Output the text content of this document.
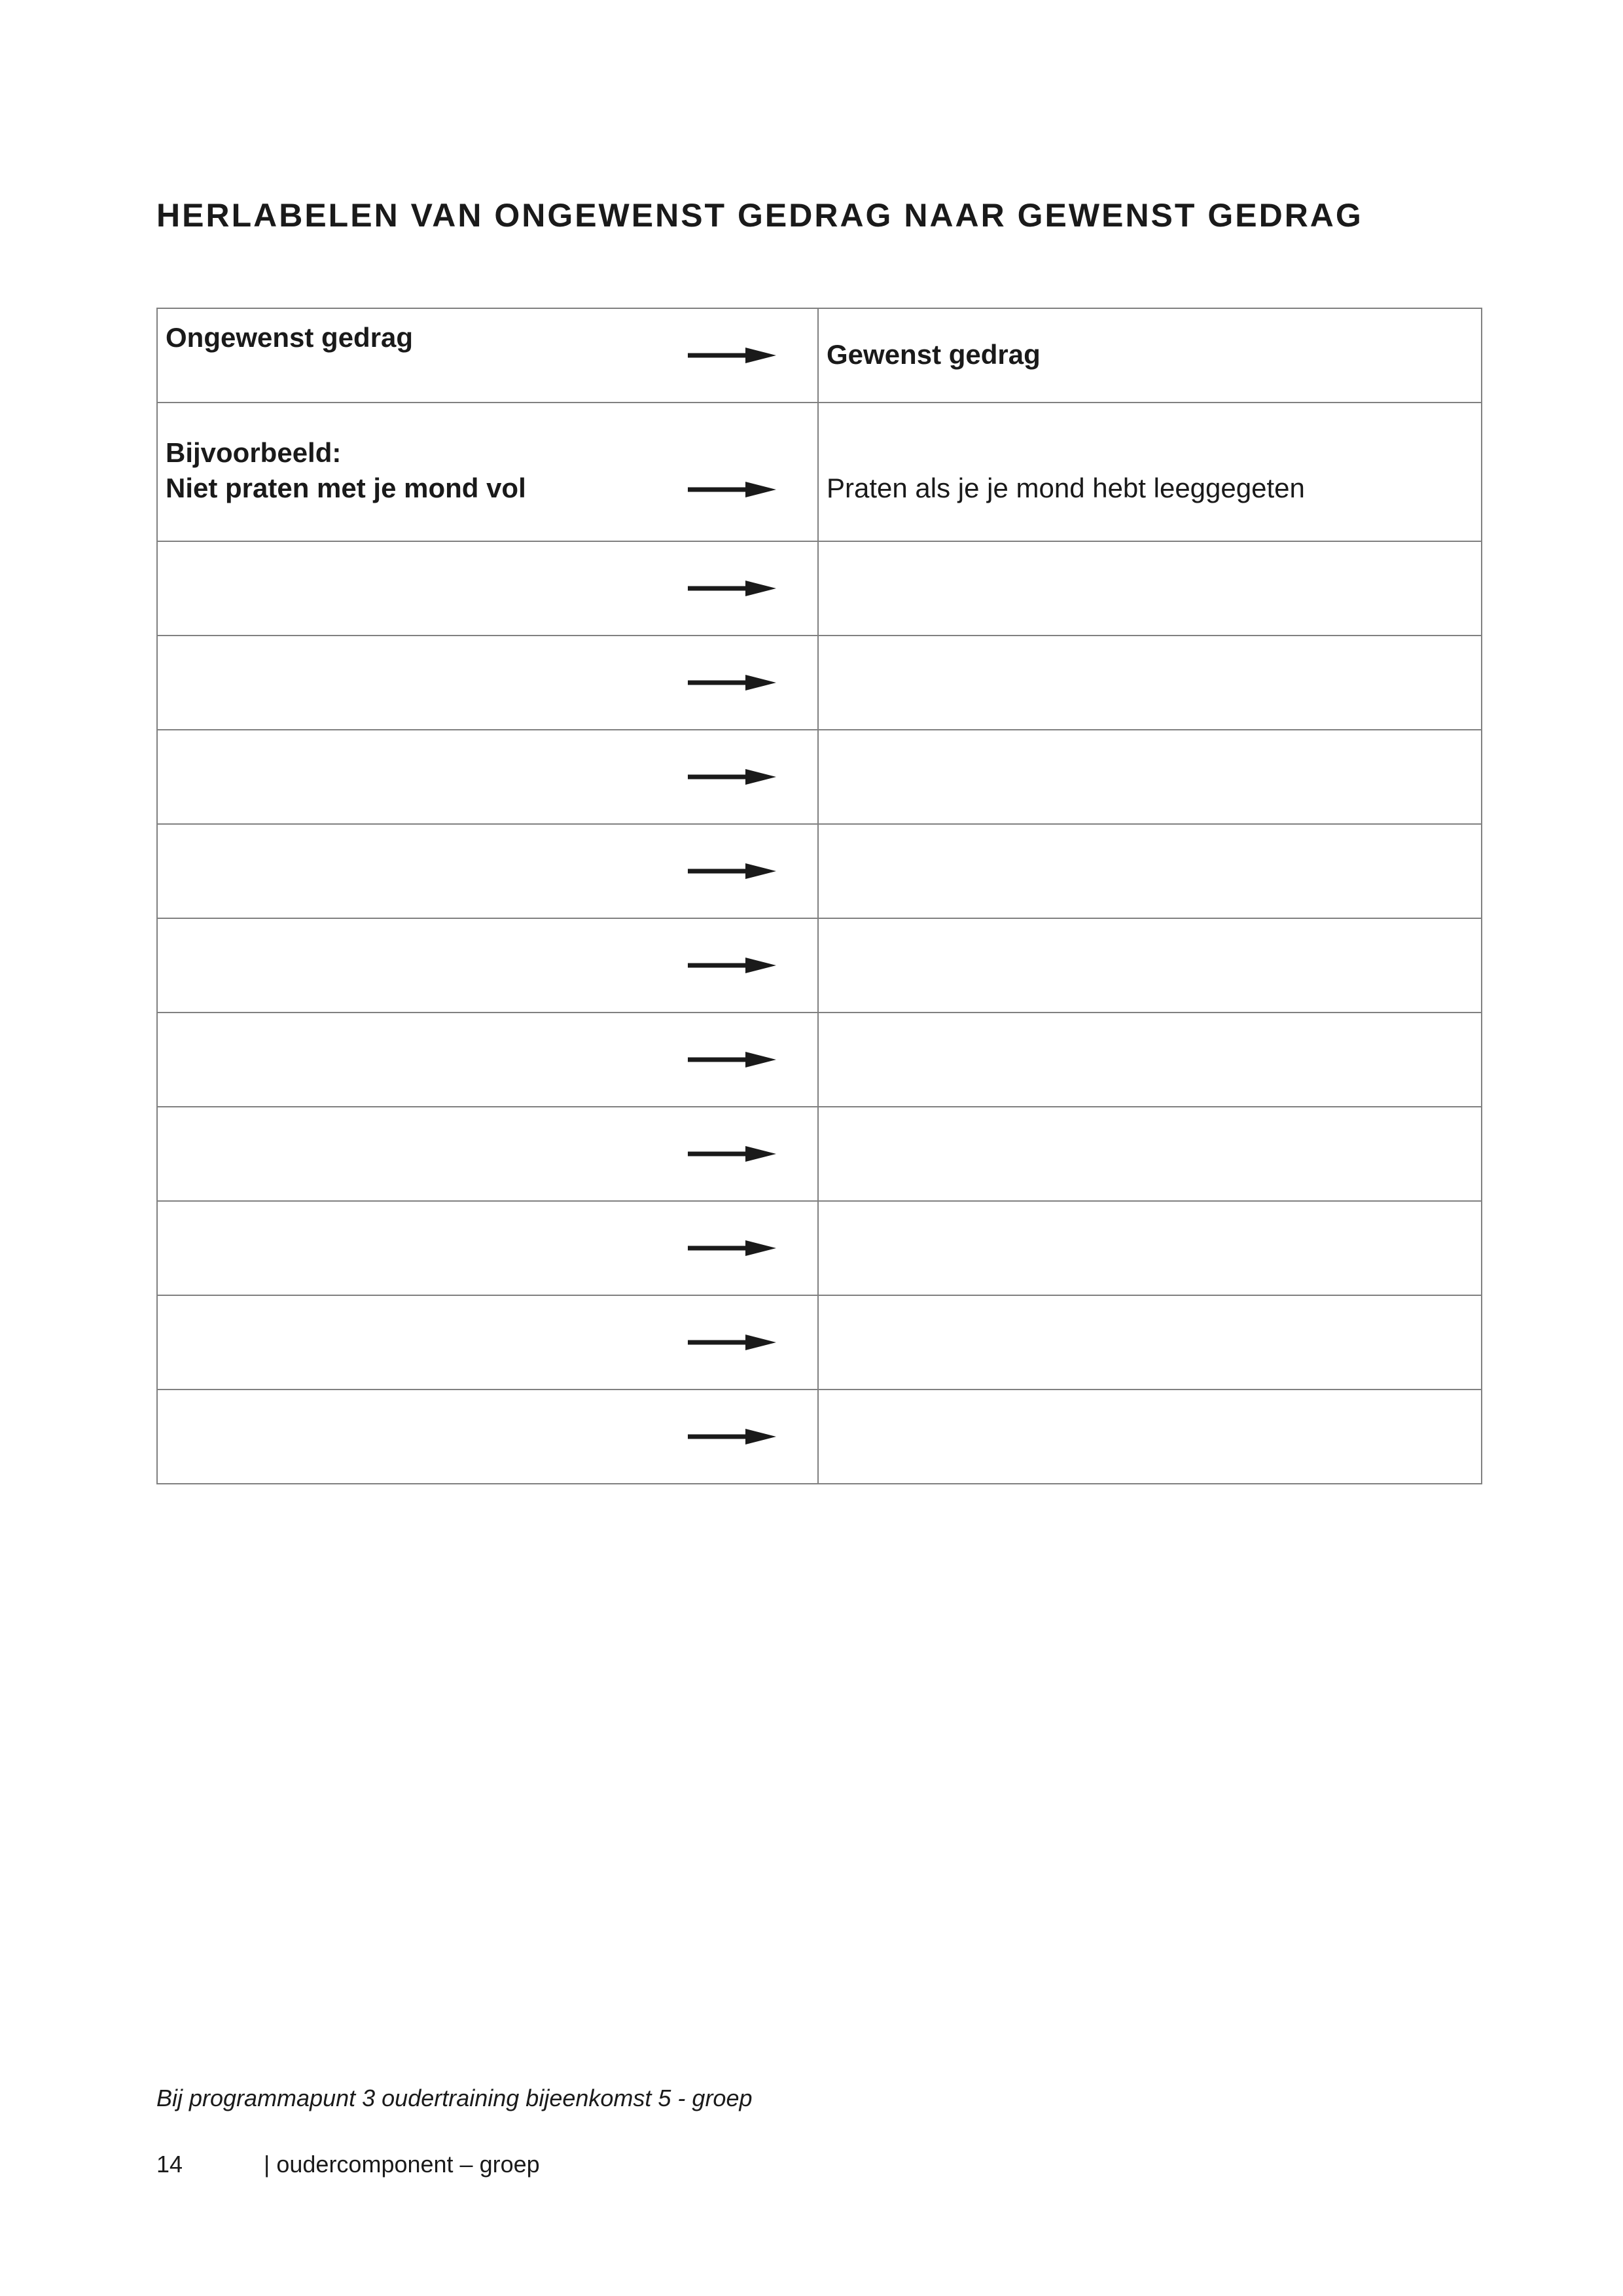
HERLABELEN VAN ONGEWENST GEDRAG NAAR GEWENST GEDRAG
Ongewenst gedrag	Gewenst gedrag

Bijvoorbeeld:
Niet praten met je mond vol	Praten als je je mond hebt leeggegeten

Bij programmapunt 3 oudertraining bijeenkomst 5 - groep
14	| oudercomponent – groep
